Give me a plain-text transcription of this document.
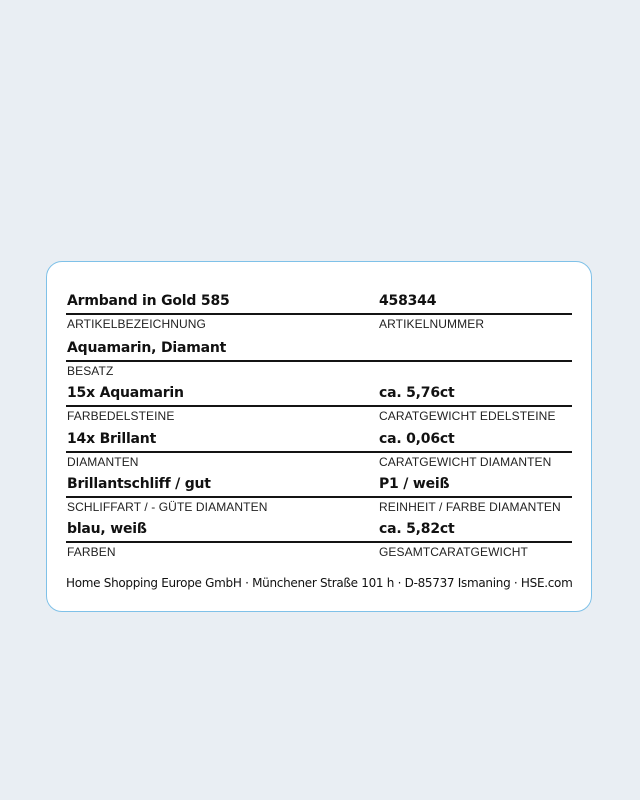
Armband in Gold 585	458344
ARTIKELBEZEICHNUNG	ARTIKELNUMMER
Aquamarin, Diamant
BESATZ
15x Aquamarin	ca. 5,76ct
FARBEDELSTEINE	CARATGEWICHT EDELSTEINE
14x Brillant	ca. 0,06ct
DIAMANTEN	CARATGEWICHT DIAMANTEN
Brillantschliff / gut	P1 / weiß
SCHLIFFART / - GÜTE DIAMANTEN	REINHEIT / FARBE DIAMANTEN
blau, weiß	ca. 5,82ct
FARBEN	GESAMTCARATGEWICHT
Home Shopping Europe GmbH · Münchener Straße 101 h · D-85737 Ismaning · HSE.com
